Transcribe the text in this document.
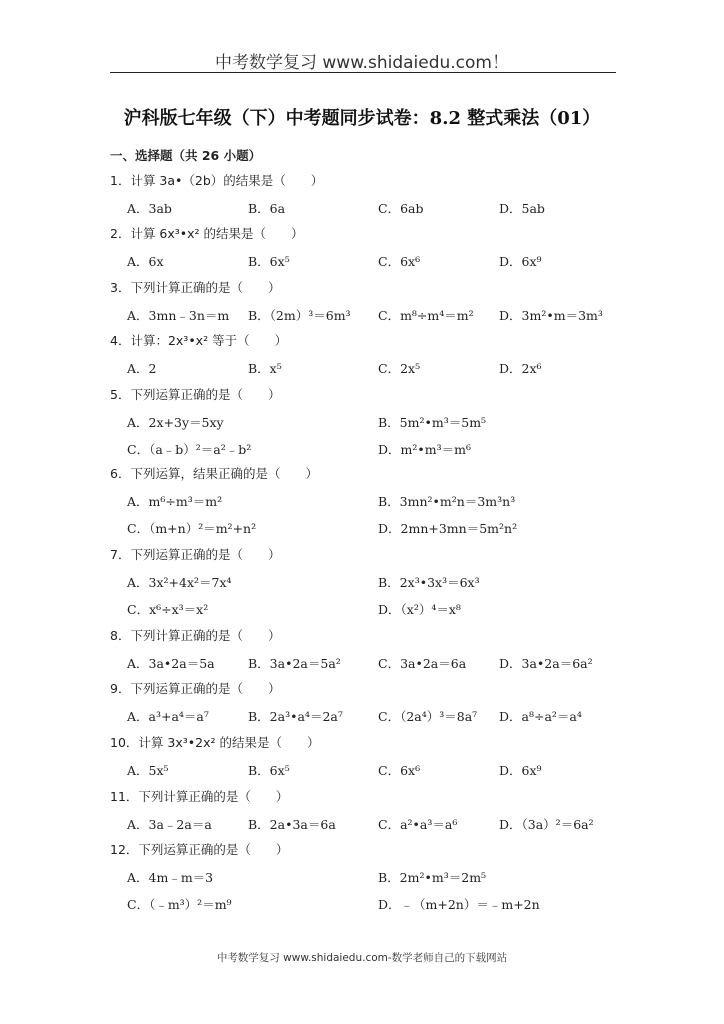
中考数学复习 www.shidaiedu.com！
沪科版七年级（下）中考题同步试卷：8.2 整式乘法（01）
一、选择题（共 26 小题）
1．计算 3a•（2b）的结果是（　　）
A．3ab	B．6a	C．6ab	D．5ab
2．计算 6x³•x² 的结果是（　　）
A．6x	B．6x⁵	C．6x⁶	D．6x⁹
3．下列计算正确的是（　　）
A．3mn﹣3n＝m B．（2m）³＝6m³ C．m⁸÷m⁴＝m² D．3m²•m＝3m³
4．计算：2x³•x² 等于（　　）
A．2	B．x⁵	C．2x⁵	D．2x⁶
5．下列运算正确的是（　　）
A．2x+3y＝5xy	B．5m²•m³＝5m⁵
C．（a﹣b）²＝a²﹣b²	D．m²•m³＝m⁶
6．下列运算，结果正确的是（　　）
A．m⁶÷m³＝m²	B．3mn²•m²n＝3m³n³
C．（m+n）²＝m²+n²	D．2mn+3mn＝5m²n²
7．下列运算正确的是（　　）
A．3x²+4x²＝7x⁴	B．2x³•3x³＝6x³
C．x⁶÷x³＝x²	D．（x²）⁴＝x⁸
8．下列计算正确的是（　　）
A．3a•2a＝5a	B．3a•2a＝5a²	C．3a•2a＝6a	D．3a•2a＝6a²
9．下列运算正确的是（　　）
A．a³+a⁴＝a⁷	B．2a³•a⁴＝2a⁷	C．（2a⁴）³＝8a⁷ D．a⁸÷a²＝a⁴
10．计算 3x³•2x² 的结果是（　　）
A．5x⁵	B．6x⁵	C．6x⁶	D．6x⁹
11．下列计算正确的是（　　）
A．3a﹣2a＝a	B．2a•3a＝6a	C．a²•a³＝a⁶	D．（3a）²＝6a²
12．下列运算正确的是（　　）
A．4m﹣m＝3	B．2m²•m³＝2m⁵
C．（﹣m³）²＝m⁹	D．﹣（m+2n）＝﹣m+2n
中考数学复习 www.shidaiedu.com-数学老师自己的下载网站
